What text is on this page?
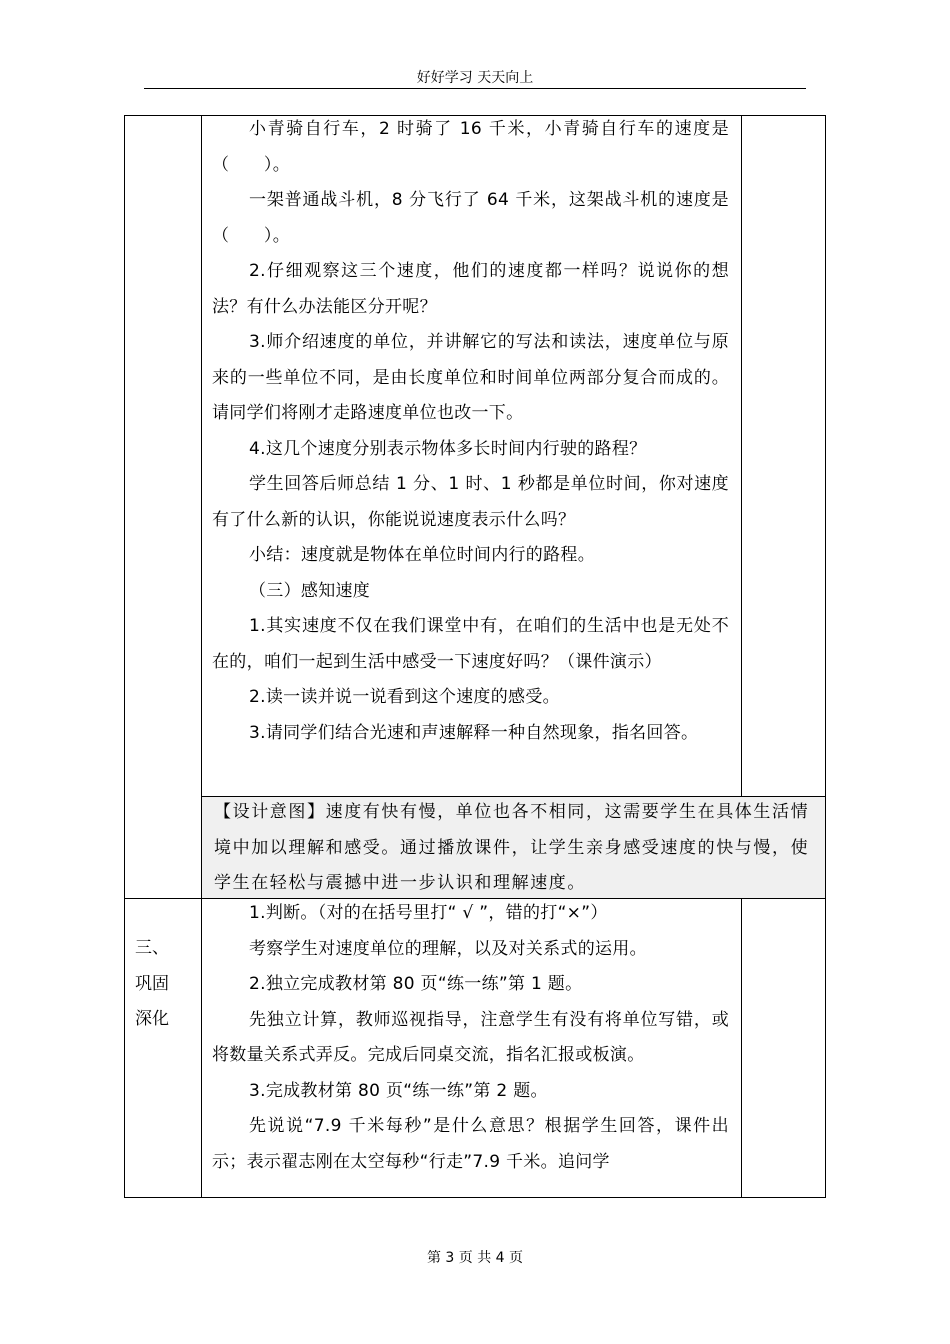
好好学习 天天向上

小青骑自行车，2 时骑了 16 千米，小青骑自行车的速度是（　　）。

一架普通战斗机，8 分飞行了 64 千米，这架战斗机的速度是（　　）。

2.仔细观察这三个速度，他们的速度都一样吗？说说你的想法？有什么办法能区分开呢？

3.师介绍速度的单位，并讲解它的写法和读法，速度单位与原来的一些单位不同，是由长度单位和时间单位两部分复合而成的。请同学们将刚才走路速度单位也改一下。

4.这几个速度分别表示物体多长时间内行驶的路程？

学生回答后师总结 1 分、1 时、1 秒都是单位时间，你对速度有了什么新的认识，你能说说速度表示什么吗？

小结：速度就是物体在单位时间内行的路程。

（三）感知速度

1.其实速度不仅在我们课堂中有，在咱们的生活中也是无处不在的，咱们一起到生活中感受一下速度好吗？（课件演示）

2.读一读并说一说看到这个速度的感受。

3.请同学们结合光速和声速解释一种自然现象，指名回答。

【设计意图】速度有快有慢，单位也各不相同，这需要学生在具体生活情境中加以理解和感受。通过播放课件，让学生亲身感受速度的快与慢，使学生在轻松与震撼中进一步认识和理解速度。

三、

巩固

深化

1.判断。（对的在括号里打“ √ ”，错的打“×”）

考察学生对速度单位的理解，以及对关系式的运用。

2.独立完成教材第 80 页“练一练”第 1 题。

先独立计算，教师巡视指导，注意学生有没有将单位写错，或将数量关系式弄反。完成后同桌交流，指名汇报或板演。

3.完成教材第 80 页“练一练”第 2 题。

先说说“7.9 千米每秒”是什么意思？根据学生回答，课件出示；表示翟志刚在太空每秒“行走”7.9 千米。追问学

第 3 页 共 4 页
